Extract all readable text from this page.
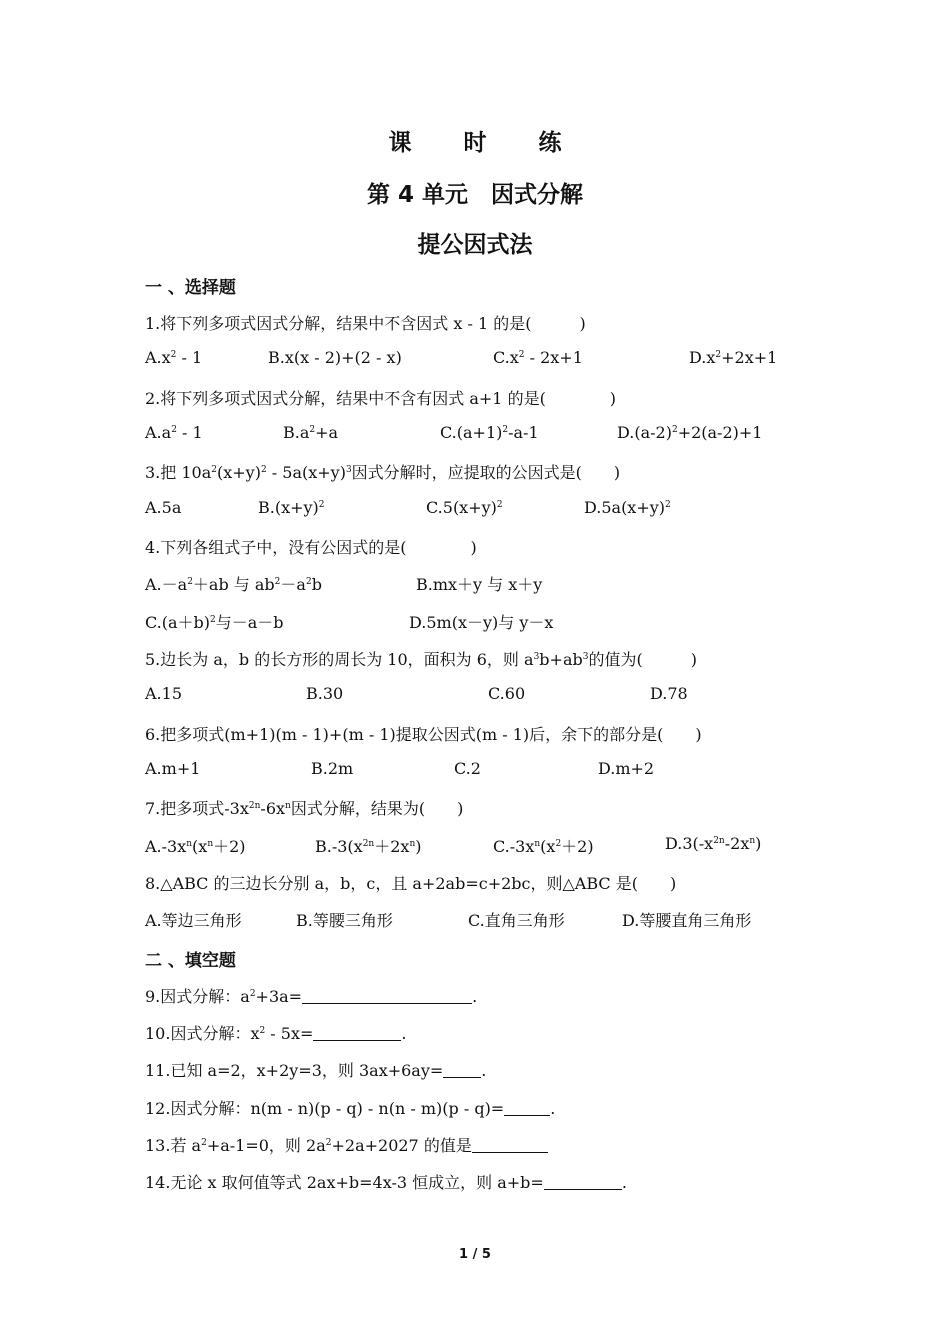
课 时 练
第 4 单元　因式分解
提公因式法
一 、选择题
1.将下列多项式因式分解，结果中不含因式 x - 1 的是(　　　)
$A.x^2 - 1$	B.x(x - 2)+(2 - x)	$C.x^2 - 2x+1$	$D.x^2+2x+1$
2.将下列多项式因式分解，结果中不含有因式 a+1 的是(　　　　)
$A.a^2 - 1$	$B.a^2+a$	$C.(a+1)^2-a-1$	$D.(a-2)^2+2(a-2)+1$
3.把 $10a^2(x+y)^2 - 5a(x+y)^3$因式分解时，应提取的公因式是(　　)
A.5a	$B.(x+y)^2$	$C.5(x+y)^2$	$D.5a(x+y)^2$
4.下列各组式子中，没有公因式的是(　　　　)
$A.-a^2+ab$ 与 $ab^2-a^2b$	B.mx＋y 与 x＋y
$C.(a+b)^2$与－a－b	D.5m(x－y)与 y－x
5.边长为 a，b 的长方形的周长为 10，面积为 6，则 $a^3b+ab^3$的值为(　　　)
A.15	B.30	C.60	D.78
6.把多项式(m+1)(m - 1)+(m - 1)提取公因式(m - 1)后，余下的部分是(　　)
A.m+1	B.2m	C.2	D.m+2
7.把多项式$-3x^{2n}-6x^n$因式分解，结果为(　　)
$A.-3x^n(x^n+2)$	$B.-3(x^{2n}+2x^n)$	$C.-3x^n(x^2+2)$	$D.3(-x^{2n}-2x^n)$
8.△ABC 的三边长分别 a，b，c，且 a+2ab=c+2bc，则△ABC 是(　　)
A.等边三角形	B.等腰三角形	C.直角三角形	D.等腰直角三角形
二 、填空题
9.因式分解：$a^2+3a=$	.
10.因式分解：$x^2 - 5x=$	.
11.已知 a=2，x+2y=3，则 3ax+6ay= .
12.因式分解：n(m - n)(p - q) - n(n - m)(p - q)=	.
13.若 $a^2+a-1=0$，则 $2a^2+2a+2027$ 的值是
14.无论 x 取何值等式 2ax+b=4x-3 恒成立，则 a+b=	.
1 / 5
